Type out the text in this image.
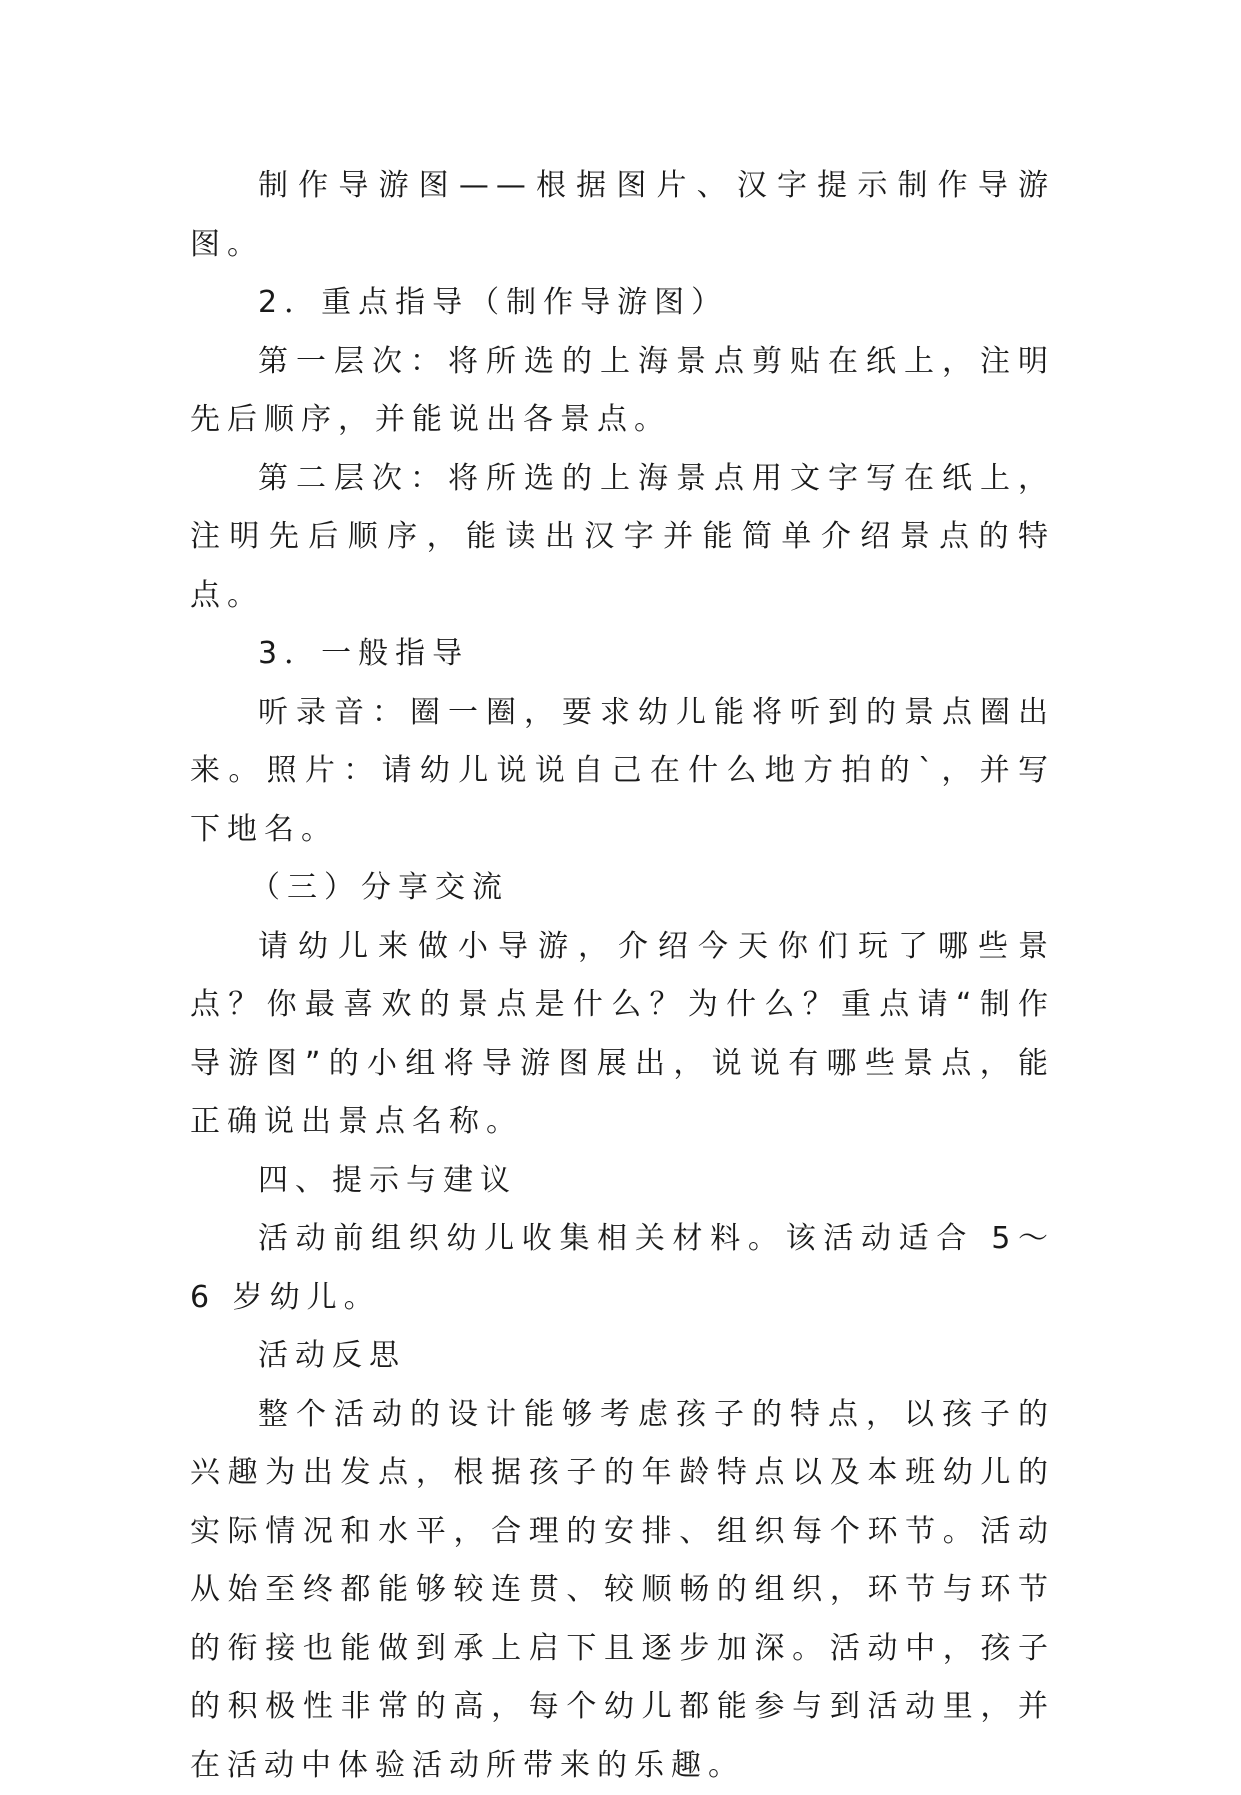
制作导游图——根据图片、汉字提示制作导游图。

2．重点指导（制作导游图）

第一层次：将所选的上海景点剪贴在纸上，注明先后顺序，并能说出各景点。

第二层次：将所选的上海景点用文字写在纸上，注明先后顺序，能读出汉字并能简单介绍景点的特点。

3．一般指导

听录音：圈一圈，要求幼儿能将听到的景点圈出来。照片：请幼儿说说自己在什么地方拍的`，并写下地名。

（三）分享交流

请幼儿来做小导游，介绍今天你们玩了哪些景点？你最喜欢的景点是什么？为什么？重点请“制作导游图”的小组将导游图展出，说说有哪些景点，能正确说出景点名称。

四、提示与建议

活动前组织幼儿收集相关材料。该活动适合 5～6 岁幼儿。

活动反思

整个活动的设计能够考虑孩子的特点，以孩子的兴趣为出发点，根据孩子的年龄特点以及本班幼儿的实际情况和水平，合理的安排、组织每个环节。活动从始至终都能够较连贯、较顺畅的组织，环节与环节的衔接也能做到承上启下且逐步加深。活动中，孩子的积极性非常的高，每个幼儿都能参与到活动里，并在活动中体验活动所带来的乐趣。
